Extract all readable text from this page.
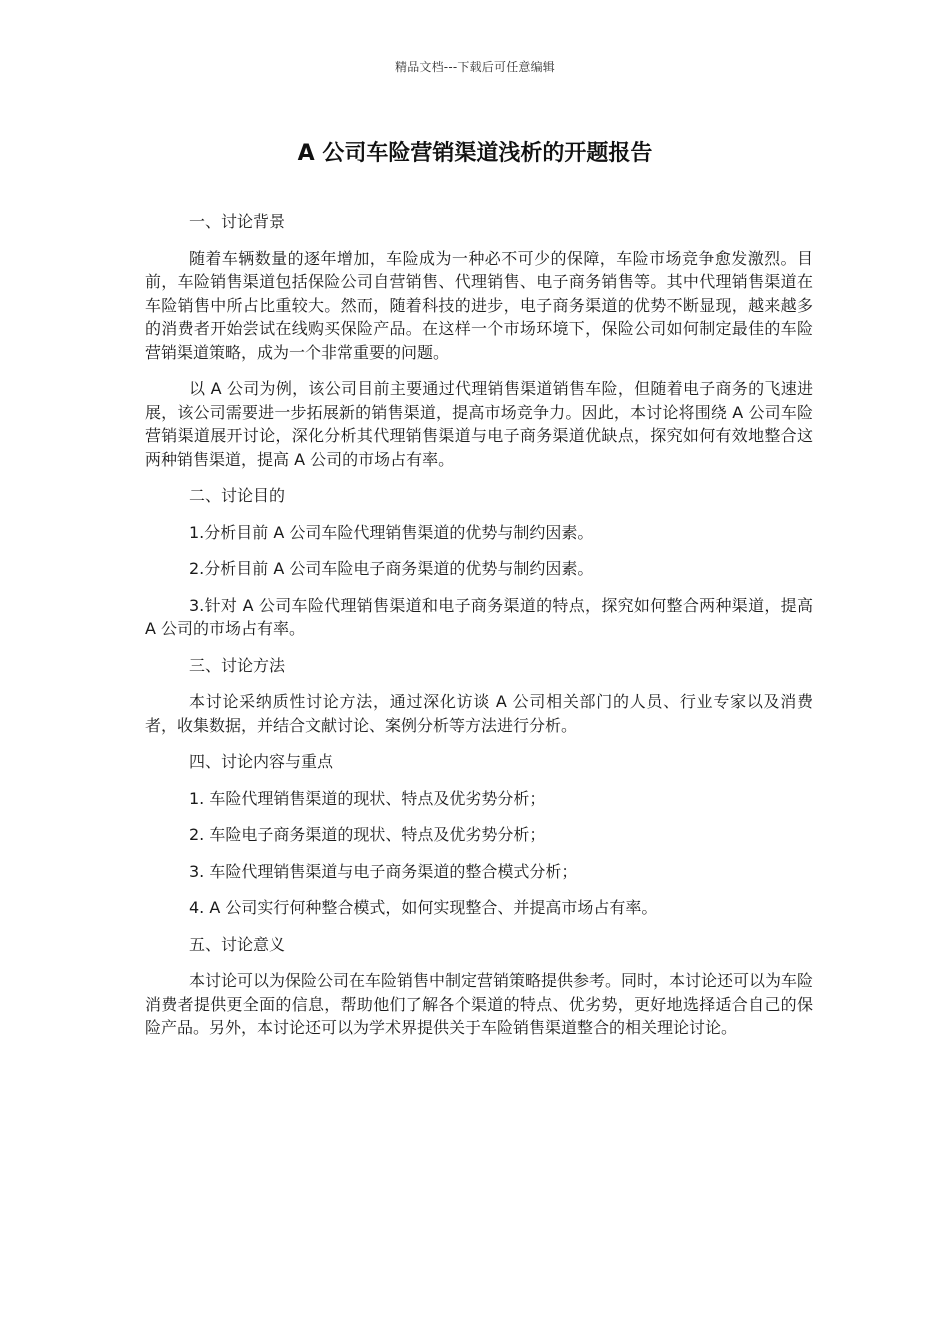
精品文档---下载后可任意编辑
A 公司车险营销渠道浅析的开题报告

一、讨论背景

随着车辆数量的逐年增加，车险成为一种必不可少的保障，车险市场竞争愈发激烈。目前，车险销售渠道包括保险公司自营销售、代理销售、电子商务销售等。其中代理销售渠道在车险销售中所占比重较大。然而，随着科技的进步，电子商务渠道的优势不断显现，越来越多的消费者开始尝试在线购买保险产品。在这样一个市场环境下，保险公司如何制定最佳的车险营销渠道策略，成为一个非常重要的问题。

以 A 公司为例，该公司目前主要通过代理销售渠道销售车险，但随着电子商务的飞速进展，该公司需要进一步拓展新的销售渠道，提高市场竞争力。因此，本讨论将围绕 A 公司车险营销渠道展开讨论，深化分析其代理销售渠道与电子商务渠道优缺点，探究如何有效地整合这两种销售渠道，提高 A 公司的市场占有率。

二、讨论目的

1.分析目前 A 公司车险代理销售渠道的优势与制约因素。

2.分析目前 A 公司车险电子商务渠道的优势与制约因素。

3.针对 A 公司车险代理销售渠道和电子商务渠道的特点，探究如何整合两种渠道，提高 A 公司的市场占有率。

三、讨论方法

本讨论采纳质性讨论方法，通过深化访谈 A 公司相关部门的人员、行业专家以及消费者，收集数据，并结合文献讨论、案例分析等方法进行分析。

四、讨论内容与重点

1. 车险代理销售渠道的现状、特点及优劣势分析；

2. 车险电子商务渠道的现状、特点及优劣势分析；

3. 车险代理销售渠道与电子商务渠道的整合模式分析；

4. A 公司实行何种整合模式，如何实现整合、并提高市场占有率。

五、讨论意义

本讨论可以为保险公司在车险销售中制定营销策略提供参考。同时，本讨论还可以为车险消费者提供更全面的信息，帮助他们了解各个渠道的特点、优劣势，更好地选择适合自己的保险产品。另外，本讨论还可以为学术界提供关于车险销售渠道整合的相关理论讨论。
